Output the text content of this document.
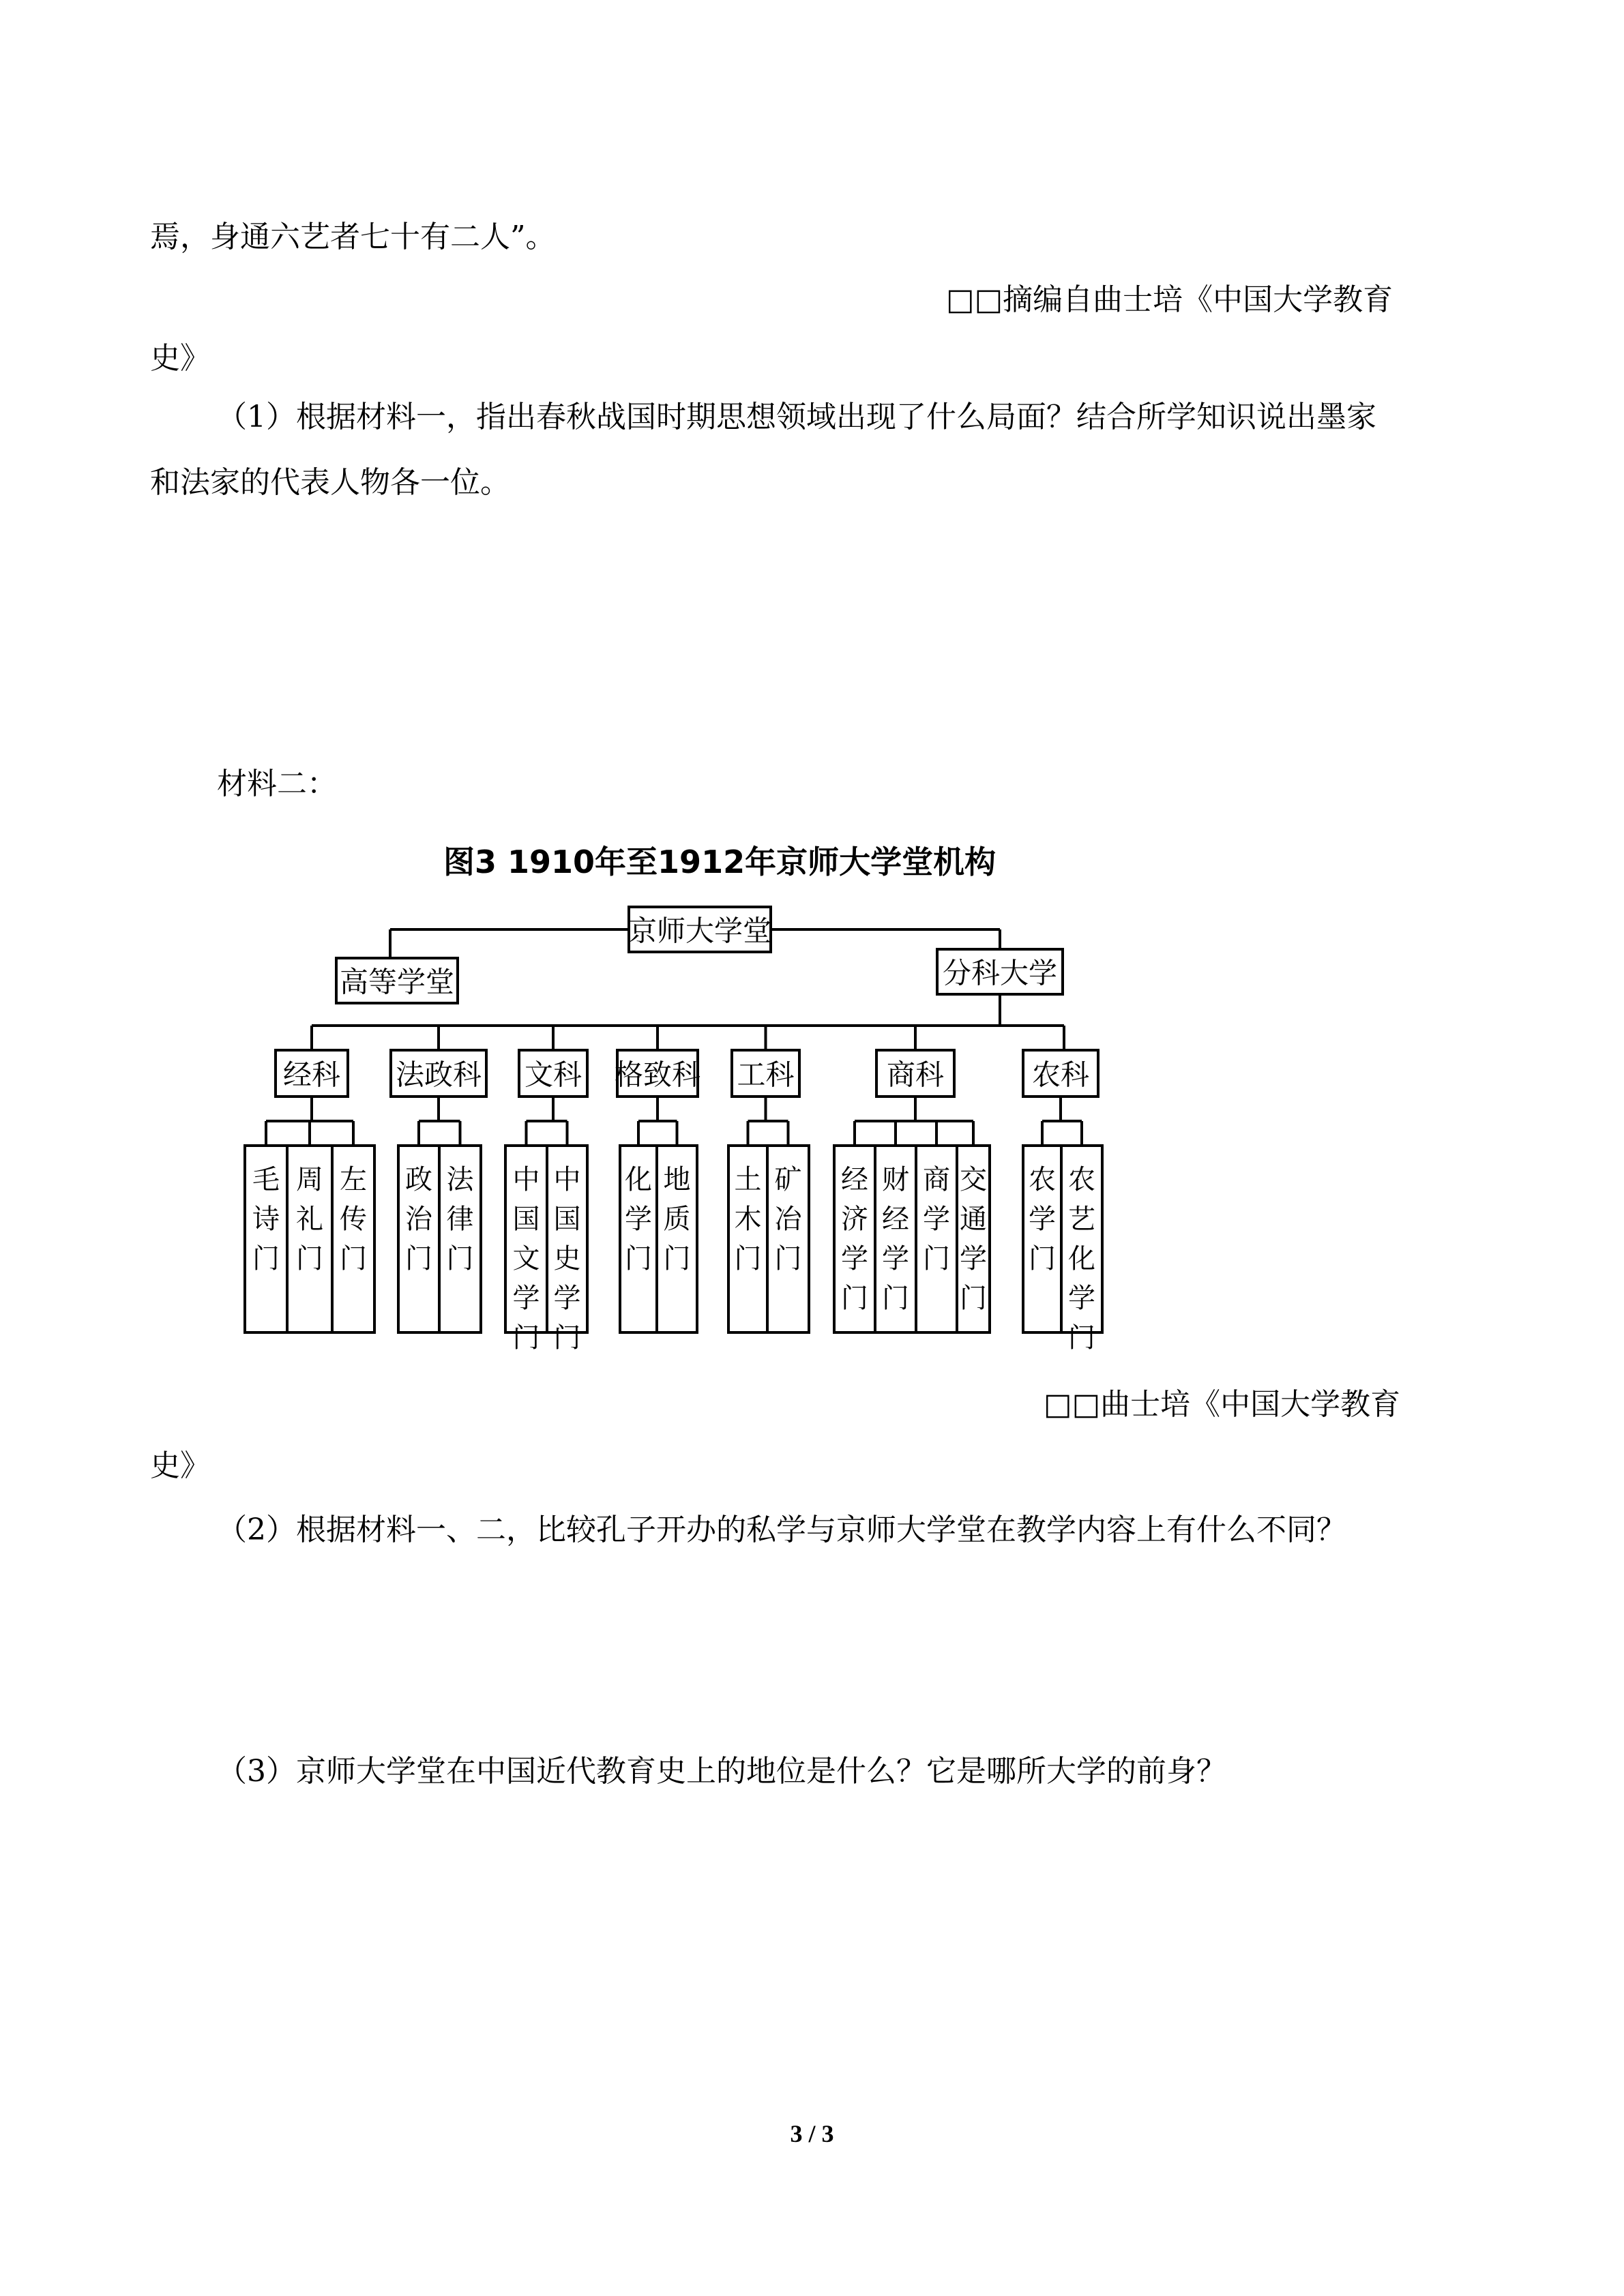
焉，身通六艺者七十有二人”。
□□摘编自曲士培《中国大学教育
史》
（1）根据材料一，指出春秋战国时期思想领域出现了什么局面？结合所学知识说出墨家
和法家的代表人物各一位。
材料二：
图3 1910年至1912年京师大学堂机构
京师大学堂
高等学堂	分科大学
经科
毛
诗
门
周
礼
门
左
传
门
法政科
政
治
门
法
律
门
文科
中
国
文
学
门
中
国
史
学
门
格致科
化
学
门
地
质
门
工科
土
木
门
矿
冶
门
商科
经
济
学
门
财
经
学
门
商
学
门
交
通
学
门
农科
农
学
门
农
艺
化
学
门
□□曲士培《中国大学教育
史》
（2）根据材料一、二，比较孔子开办的私学与京师大学堂在教学内容上有什么不同？
（3）京师大学堂在中国近代教育史上的地位是什么？它是哪所大学的前身？
3 / 3
